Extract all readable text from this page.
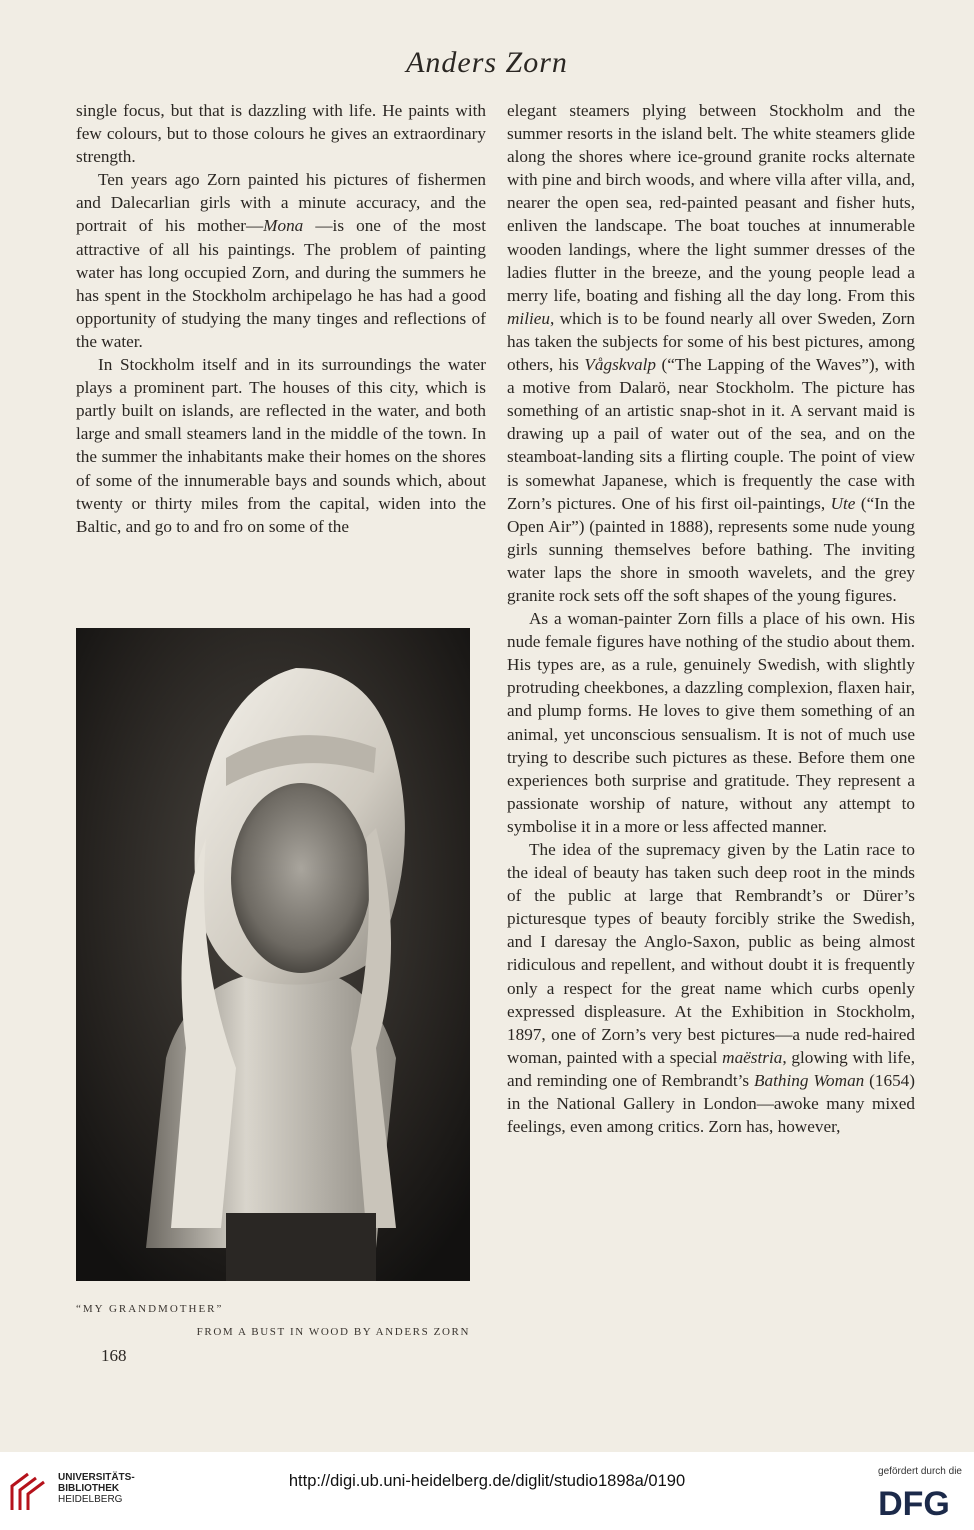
Anders Zorn

single focus, but that is dazzling with life. He paints with few colours, but to those colours he gives an extraordinary strength.

Ten years ago Zorn painted his pictures of fishermen and Dalecarlian girls with a minute accuracy, and the portrait of his mother—Mona —is one of the most attractive of all his paintings. The problem of painting water has long occupied Zorn, and during the summers he has spent in the Stockholm archipelago he has had a good opportunity of studying the many tinges and reflections of the water.

In Stockholm itself and in its surroundings the water plays a prominent part. The houses of this city, which is partly built on islands, are reflected in the water, and both large and small steamers land in the middle of the town. In the summer the inhabitants make their homes on the shores of some of the innumerable bays and sounds which, about twenty or thirty miles from the capital, widen into the Baltic, and go to and fro on some of the

elegant steamers plying between Stockholm and the summer resorts in the island belt. The white steamers glide along the shores where ice-ground granite rocks alternate with pine and birch woods, and where villa after villa, and, nearer the open sea, red-painted peasant and fisher huts, enliven the landscape. The boat touches at innumerable wooden landings, where the light summer dresses of the ladies flutter in the breeze, and the young people lead a merry life, boating and fishing all the day long. From this milieu, which is to be found nearly all over Sweden, Zorn has taken the subjects for some of his best pictures, among others, his Vågskvalp (“The Lapping of the Waves”), with a motive from Dalarö, near Stockholm. The picture has something of an artistic snap-shot in it. A servant maid is drawing up a pail of water out of the sea, and on the steamboat-landing sits a flirting couple. The point of view is somewhat Japanese, which is frequently the case with Zorn’s pictures. One of his first oil-paintings, Ute (“In the Open Air”) (painted in 1888), represents some nude young girls sunning themselves before bathing. The inviting water laps the shore in smooth wavelets, and the grey granite rock sets off the soft shapes of the young figures.

As a woman-painter Zorn fills a place of his own. His nude female figures have nothing of the studio about them. His types are, as a rule, genuinely Swedish, with slightly protruding cheekbones, a dazzling complexion, flaxen hair, and plump forms. He loves to give them something of an animal, yet unconscious sensualism. It is not of much use trying to describe such pictures as these. Before them one experiences both surprise and gratitude. They represent a passionate worship of nature, without any attempt to symbolise it in a more or less affected manner.

The idea of the supremacy given by the Latin race to the ideal of beauty has taken such deep root in the minds of the public at large that Rembrandt’s or Dürer’s picturesque types of beauty forcibly strike the Swedish, and I daresay the Anglo-Saxon, public as being almost ridiculous and repellent, and without doubt it is frequently only a respect for the great name which curbs openly expressed displeasure. At the Exhibition in Stockholm, 1897, one of Zorn’s very best pictures—a nude red-haired woman, painted with a special maëstria, glowing with life, and reminding one of Rembrandt’s Bathing Woman (1654) in the National Gallery in London—awoke many mixed feelings, even among critics. Zorn has, however,

“MY GRANDMOTHER”
FROM A BUST IN WOOD BY ANDERS ZORN
168
UNIVERSITÄTS-
BIBLIOTHEK
HEIDELBERG
http://digi.ub.uni-heidelberg.de/diglit/studio1898a/0190
gefördert durch die
DFG
